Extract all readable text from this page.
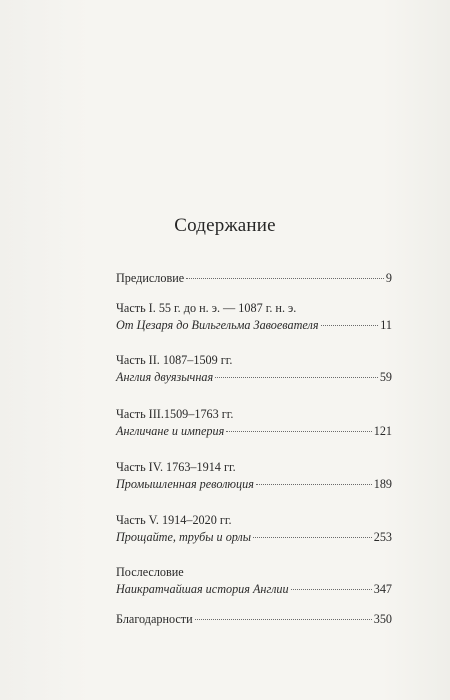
Содержание
Предисловие	9
Часть I. 55 г. до н. э. — 1087 г. н. э.
От Цезаря до Вильгельма Завоевателя	11
Часть II. 1087–1509 гг.
Англия двуязычная	59
Часть III.1509–1763 гг.
Англичане и империя	121
Часть IV. 1763–1914 гг.
Промышленная революция	189
Часть V. 1914–2020 гг.
Прощайте, трубы и орлы	253
Послесловие
Наикратчайшая история Англии	347
Благодарности	350
